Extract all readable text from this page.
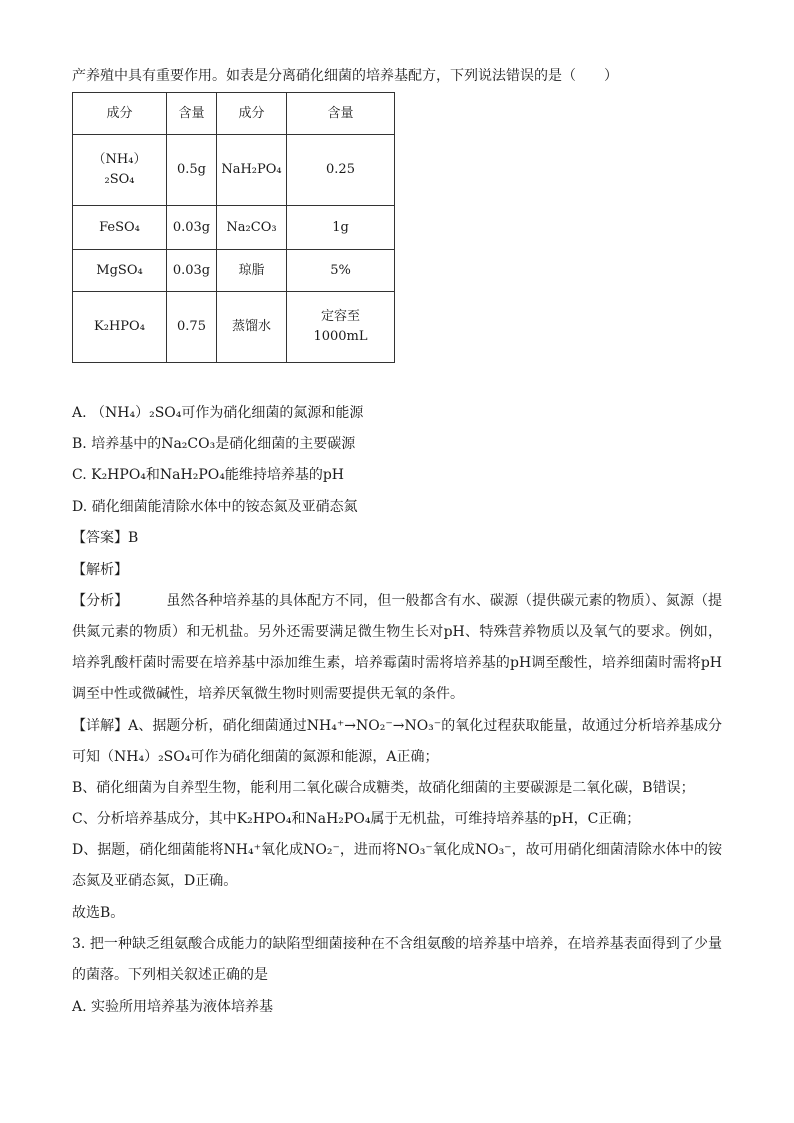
产养殖中具有重要作用。如表是分离硝化细菌的培养基配方，下列说法错误的是（　　）
成分	含量	成分	含量
（NH₄）₂SO₄	0.5g	NaH₂PO₄	0.25
FeSO₄	0.03g	Na₂CO₃	1g
MgSO₄	0.03g	琼脂	5%
K₂HPO₄	0.75	蒸馏水	定容至1000mL
A. （NH₄）₂SO₄可作为硝化细菌的氮源和能源
B. 培养基中的Na₂CO₃是硝化细菌的主要碳源
C. K₂HPO₄和NaH₂PO₄能维持培养基的pH
D. 硝化细菌能清除水体中的铵态氮及亚硝态氮
【答案】B
【解析】
【分析】	虽然各种培养基的具体配方不同，但一般都含有水、碳源（提供碳元素的物质）、氮源（提供氮元素的物质）和无机盐。另外还需要满足微生物生长对pH、特殊营养物质以及氧气的要求。例如，培养乳酸杆菌时需要在培养基中添加维生素，培养霉菌时需将培养基的pH调至酸性，培养细菌时需将pH调至中性或微碱性，培养厌氧微生物时则需要提供无氧的条件。
【详解】A、据题分析，硝化细菌通过NH₄⁺→NO₂⁻→NO₃⁻的氧化过程获取能量，故通过分析培养基成分可知（NH₄）₂SO₄可作为硝化细菌的氮源和能源，A正确；
B、硝化细菌为自养型生物，能利用二氧化碳合成糖类，故硝化细菌的主要碳源是二氧化碳，B错误；
C、分析培养基成分，其中K₂HPO₄和NaH₂PO₄属于无机盐，可维持培养基的pH，C正确；
D、据题，硝化细菌能将NH₄⁺氧化成NO₂⁻，进而将NO₃⁻氧化成NO₃⁻，故可用硝化细菌清除水体中的铵态氮及亚硝态氮，D正确。
故选B。
3. 把一种缺乏组氨酸合成能力的缺陷型细菌接种在不含组氨酸的培养基中培养，在培养基表面得到了少量的菌落。下列相关叙述正确的是
A. 实验所用培养基为液体培养基
